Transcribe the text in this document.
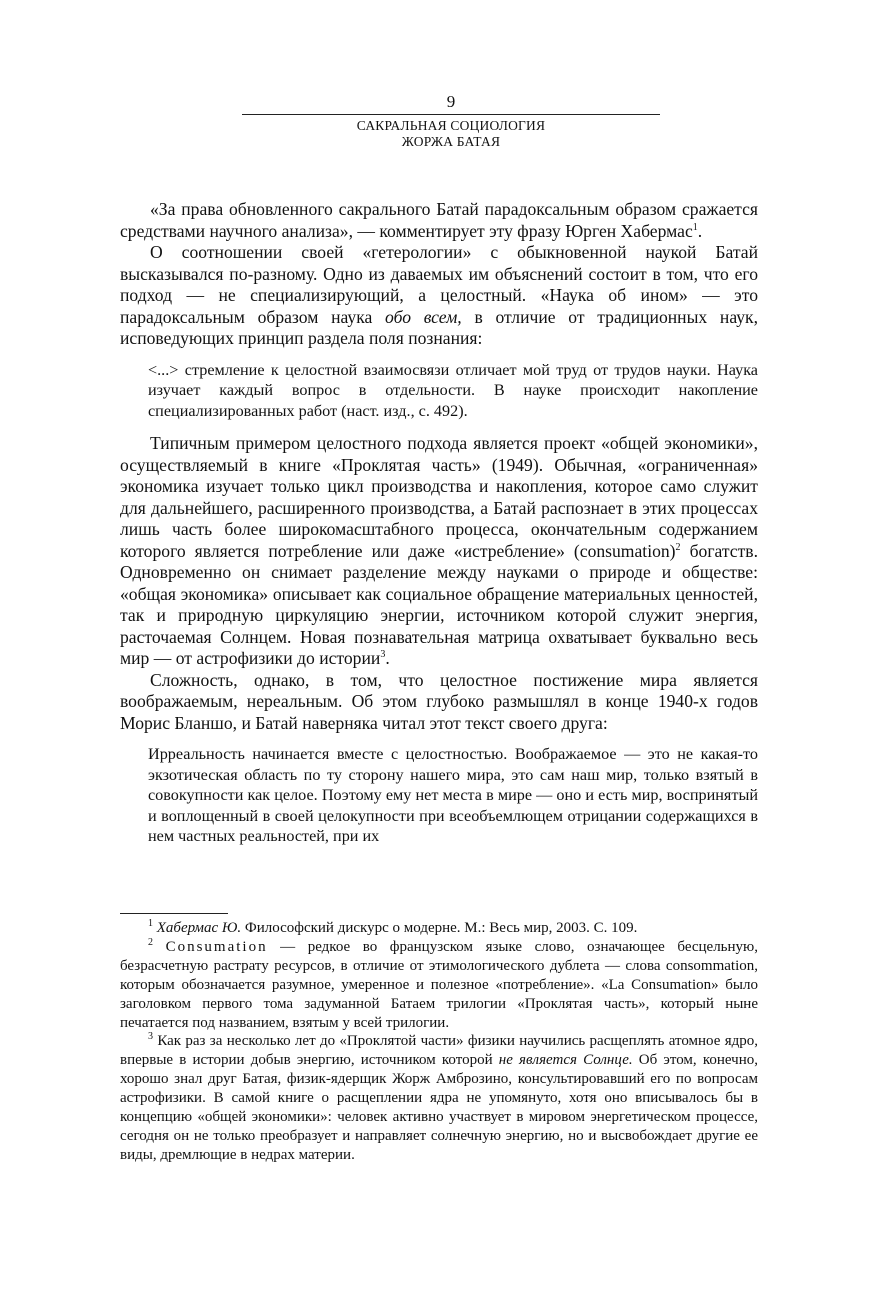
9
САКРАЛЬНАЯ СОЦИОЛОГИЯ
ЖОРЖА БАТАЯ

«За права обновленного сакрального Батай парадоксальным образом сражается средствами научного анализа», — комментирует эту фразу Юрген Хабермас$^1$.

О соотношении своей «гетерологии» с обыкновенной наукой Батай высказывался по-разному. Одно из даваемых им объяснений состоит в том, что его подход — не специализирующий, а целостный. «Наука об ином» — это парадоксальным образом наука обо всем, в отличие от традиционных наук, исповедующих принцип раздела поля познания:

<...> стремление к целостной взаимосвязи отличает мой труд от трудов науки. Наука изучает каждый вопрос в отдельности. В науке происходит накопление специализированных работ (наст. изд., с. 492).

Типичным примером целостного подхода является проект «общей экономики», осуществляемый в книге «Проклятая часть» (1949). Обычная, «ограниченная» экономика изучает только цикл производства и накопления, которое само служит для дальнейшего, расширенного производства, а Батай распознает в этих процессах лишь часть более широкомасштабного процесса, окончательным содержанием которого является потребление или даже «истребление» (consumation)$^2$ богатств. Одновременно он снимает разделение между науками о природе и обществе: «общая экономика» описывает как социальное обращение материальных ценностей, так и природную циркуляцию энергии, источником которой служит энергия, расточаемая Солнцем. Новая познавательная матрица охватывает буквально весь мир — от астрофизики до истории$^3$.

Сложность, однако, в том, что целостное постижение мира является воображаемым, нереальным. Об этом глубоко размышлял в конце 1940-х годов Морис Бланшо, и Батай наверняка читал этот текст своего друга:

Ирреальность начинается вместе с целостностью. Воображаемое — это не какая-то экзотическая область по ту сторону нашего мира, это сам наш мир, только взятый в совокупности как целое. Поэтому ему нет места в мире — оно и есть мир, воспринятый и воплощенный в своей целокупности при всеобъемлющем отрицании содержащихся в нем частных реальностей, при их

$^1$ Хабермас Ю. Философский дискурс о модерне. М.: Весь мир, 2003. С. 109.

$^2$ Consumation — редкое во французском языке слово, означающее бесцельную, безрасчетную растрату ресурсов, в отличие от этимологического дублета — слова consommation, которым обозначается разумное, умеренное и полезное «потребление». «La Consumation» было заголовком первого тома задуманной Батаем трилогии «Проклятая часть», который ныне печатается под названием, взятым у всей трилогии.

$^3$ Как раз за несколько лет до «Проклятой части» физики научились расщеплять атомное ядро, впервые в истории добыв энергию, источником которой не является Солнце. Об этом, конечно, хорошо знал друг Батая, физик-ядерщик Жорж Амброзино, консультировавший его по вопросам астрофизики. В самой книге о расщеплении ядра не упомянуто, хотя оно вписывалось бы в концепцию «общей экономики»: человек активно участвует в мировом энергетическом процессе, сегодня он не только преобразует и направляет солнечную энергию, но и высвобождает другие ее виды, дремлющие в недрах материи.
